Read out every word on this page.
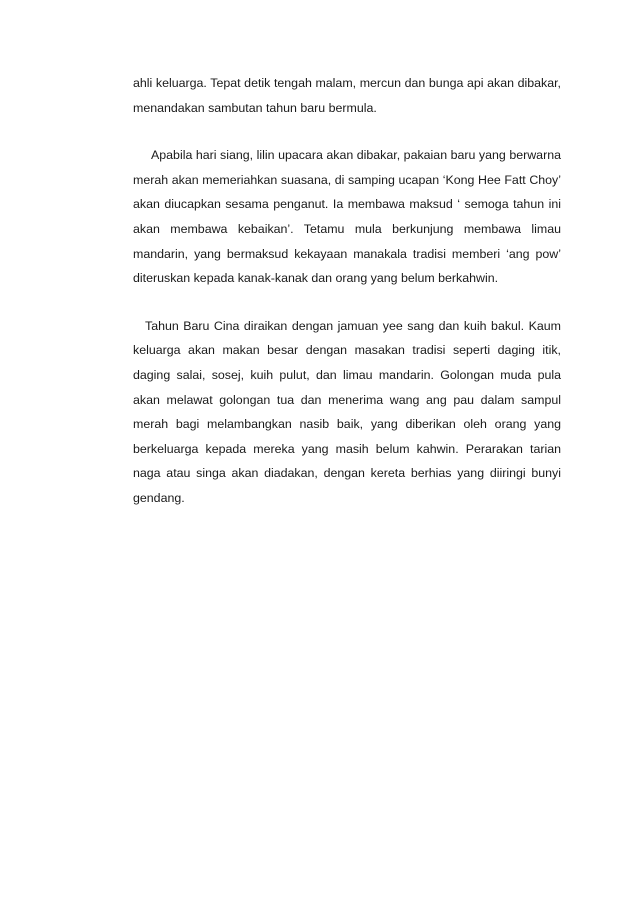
ahli keluarga. Tepat detik tengah malam, mercun dan bunga api akan dibakar, menandakan sambutan tahun baru bermula.

Apabila hari siang, lilin upacara akan dibakar, pakaian baru yang berwarna merah akan memeriahkan suasana, di samping ucapan ‘Kong Hee Fatt Choy’ akan diucapkan sesama penganut. Ia membawa maksud ‘ semoga tahun ini akan membawa kebaikan’. Tetamu mula berkunjung membawa limau mandarin, yang bermaksud kekayaan manakala tradisi memberi ‘ang pow’ diteruskan kepada kanak-kanak dan orang yang belum berkahwin.

Tahun Baru Cina diraikan dengan jamuan yee sang dan kuih bakul. Kaum keluarga akan makan besar dengan masakan tradisi seperti daging itik, daging salai, sosej, kuih pulut, dan limau mandarin. Golongan muda pula akan melawat golongan tua dan menerima wang ang pau dalam sampul merah bagi melambangkan nasib baik, yang diberikan oleh orang yang berkeluarga kepada mereka yang masih belum kahwin. Perarakan tarian naga atau singa akan diadakan, dengan kereta berhias yang diiringi bunyi gendang.
